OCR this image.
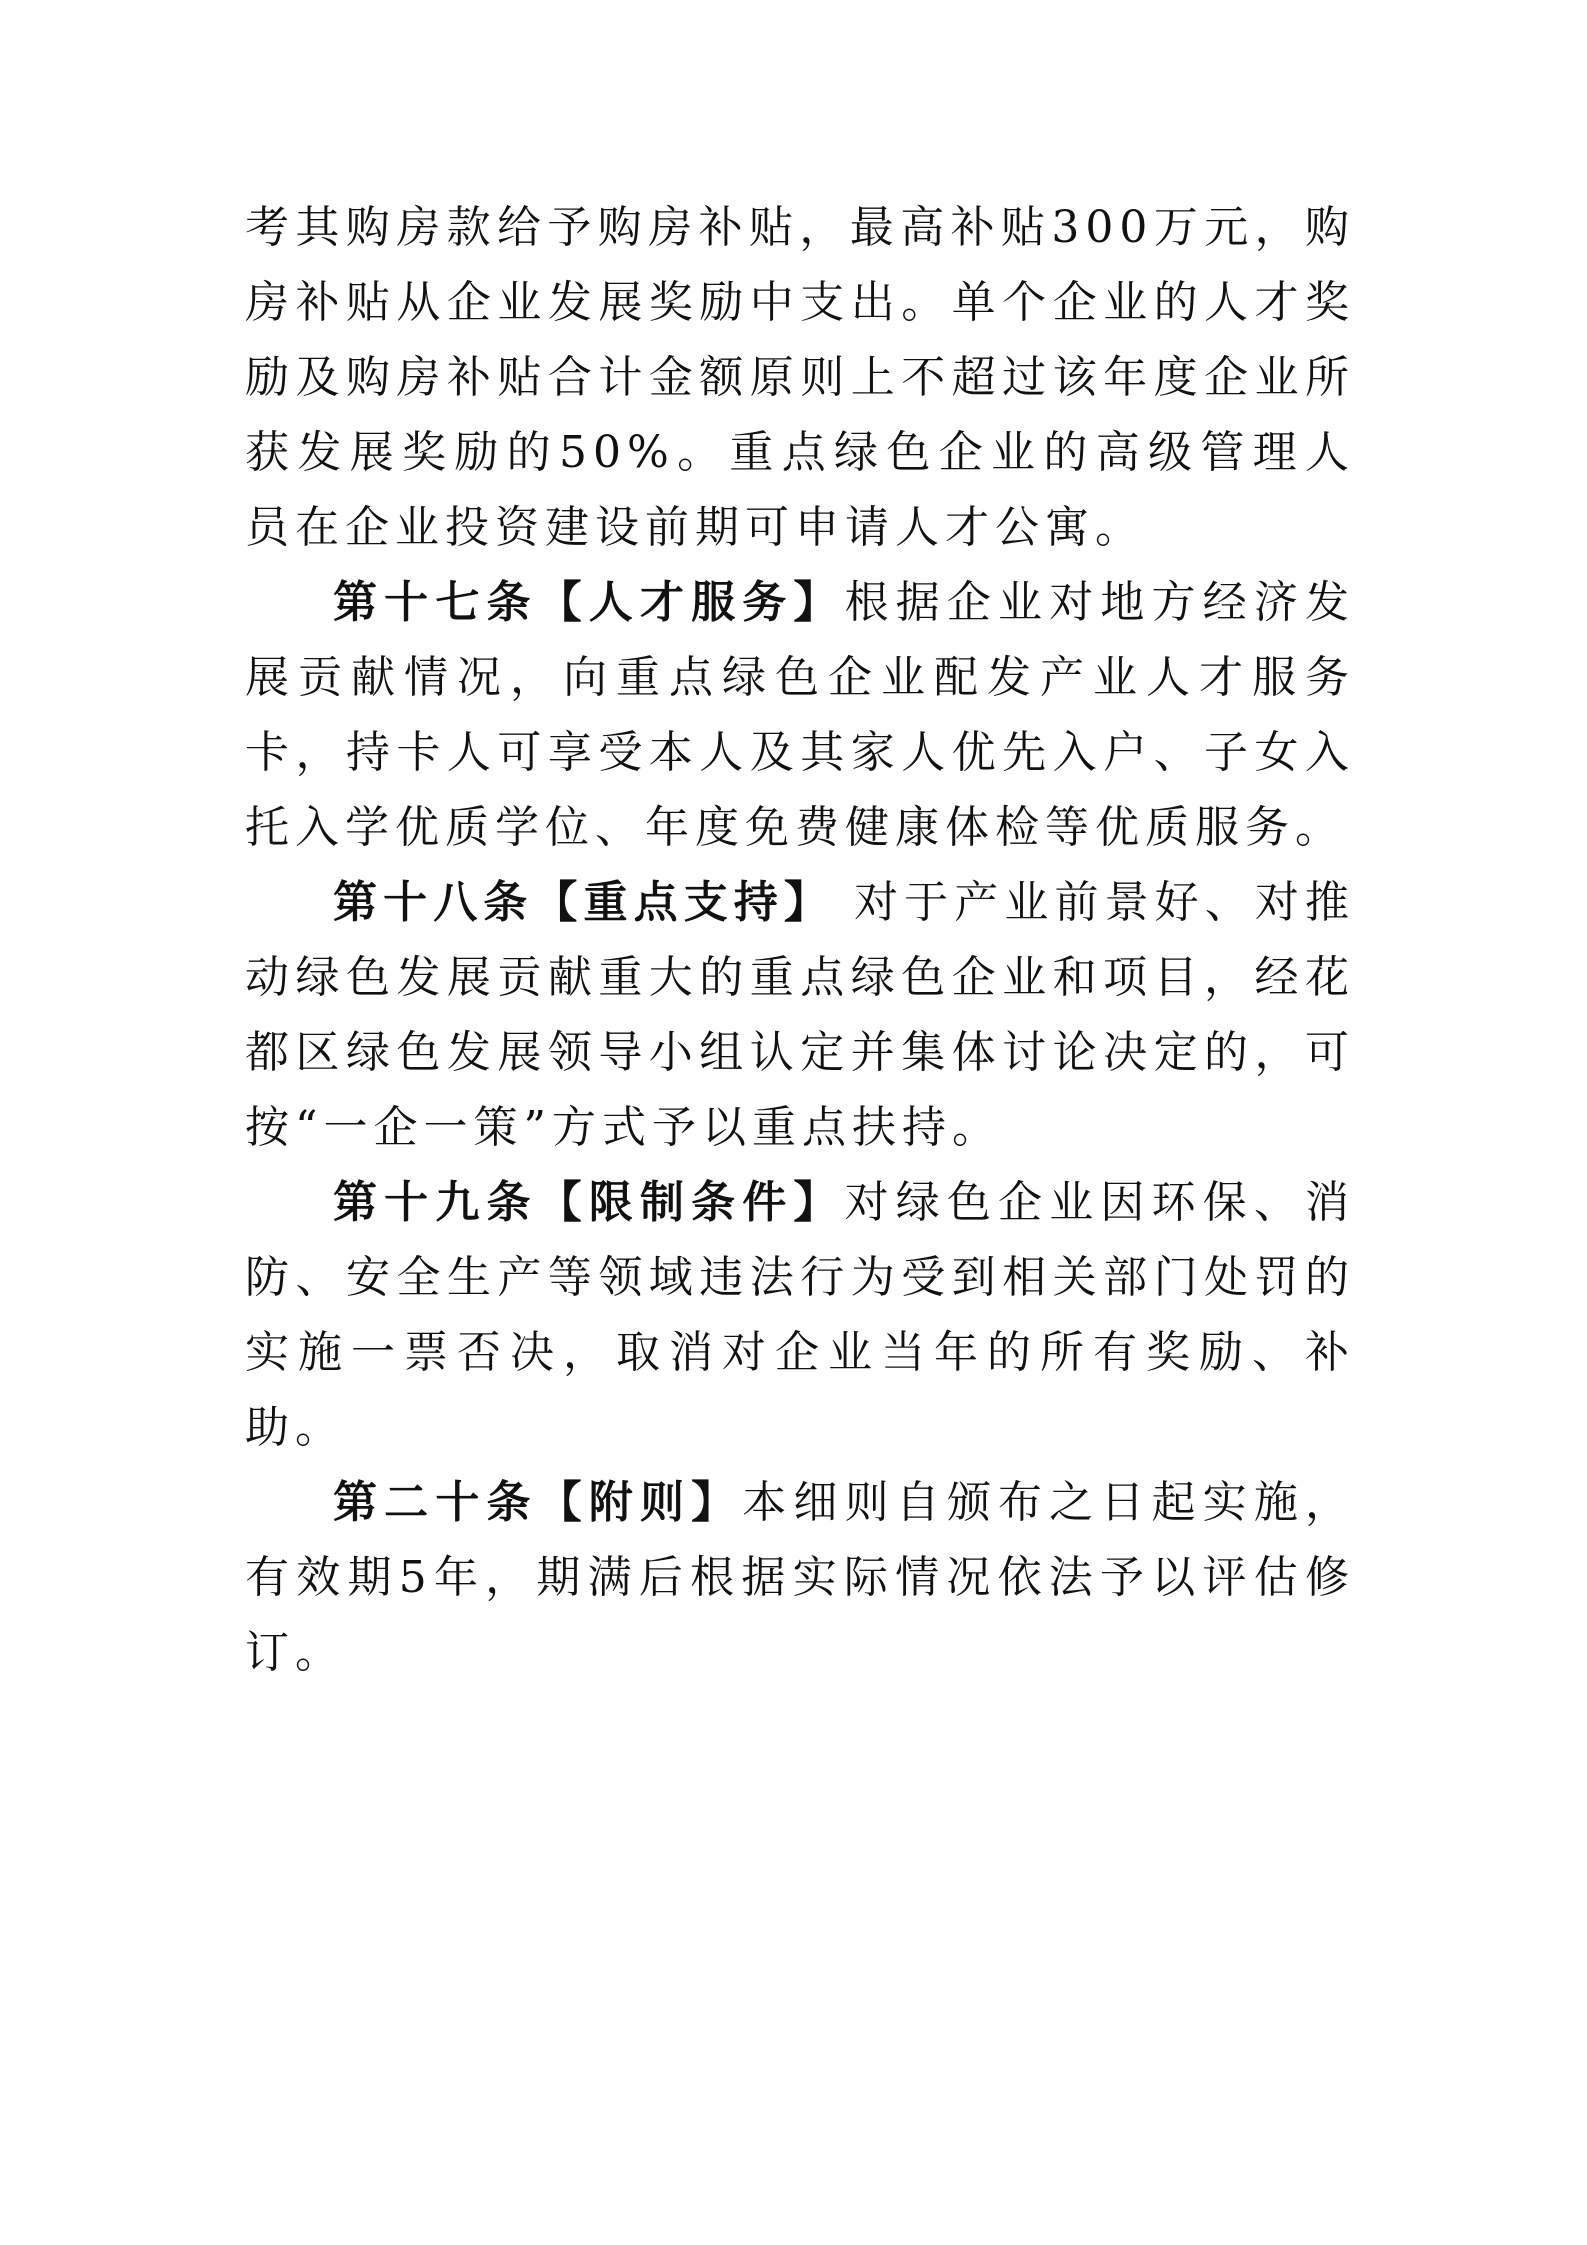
考其购房款给予购房补贴，最高补贴300万元，购房补贴从企业发展奖励中支出。单个企业的人才奖励及购房补贴合计金额原则上不超过该年度企业所获发展奖励的50%。重点绿色企业的高级管理人员在企业投资建设前期可申请人才公寓。

第十七条【人才服务】根据企业对地方经济发展贡献情况，向重点绿色企业配发产业人才服务卡，持卡人可享受本人及其家人优先入户、子女入托入学优质学位、年度免费健康体检等优质服务。

第十八条【重点支持】 对于产业前景好、对推动绿色发展贡献重大的重点绿色企业和项目，经花都区绿色发展领导小组认定并集体讨论决定的，可按“一企一策”方式予以重点扶持。

第十九条【限制条件】对绿色企业因环保、消防、安全生产等领域违法行为受到相关部门处罚的实施一票否决，取消对企业当年的所有奖励、补助。

第二十条【附则】本细则自颁布之日起实施，有效期5年，期满后根据实际情况依法予以评估修订。
